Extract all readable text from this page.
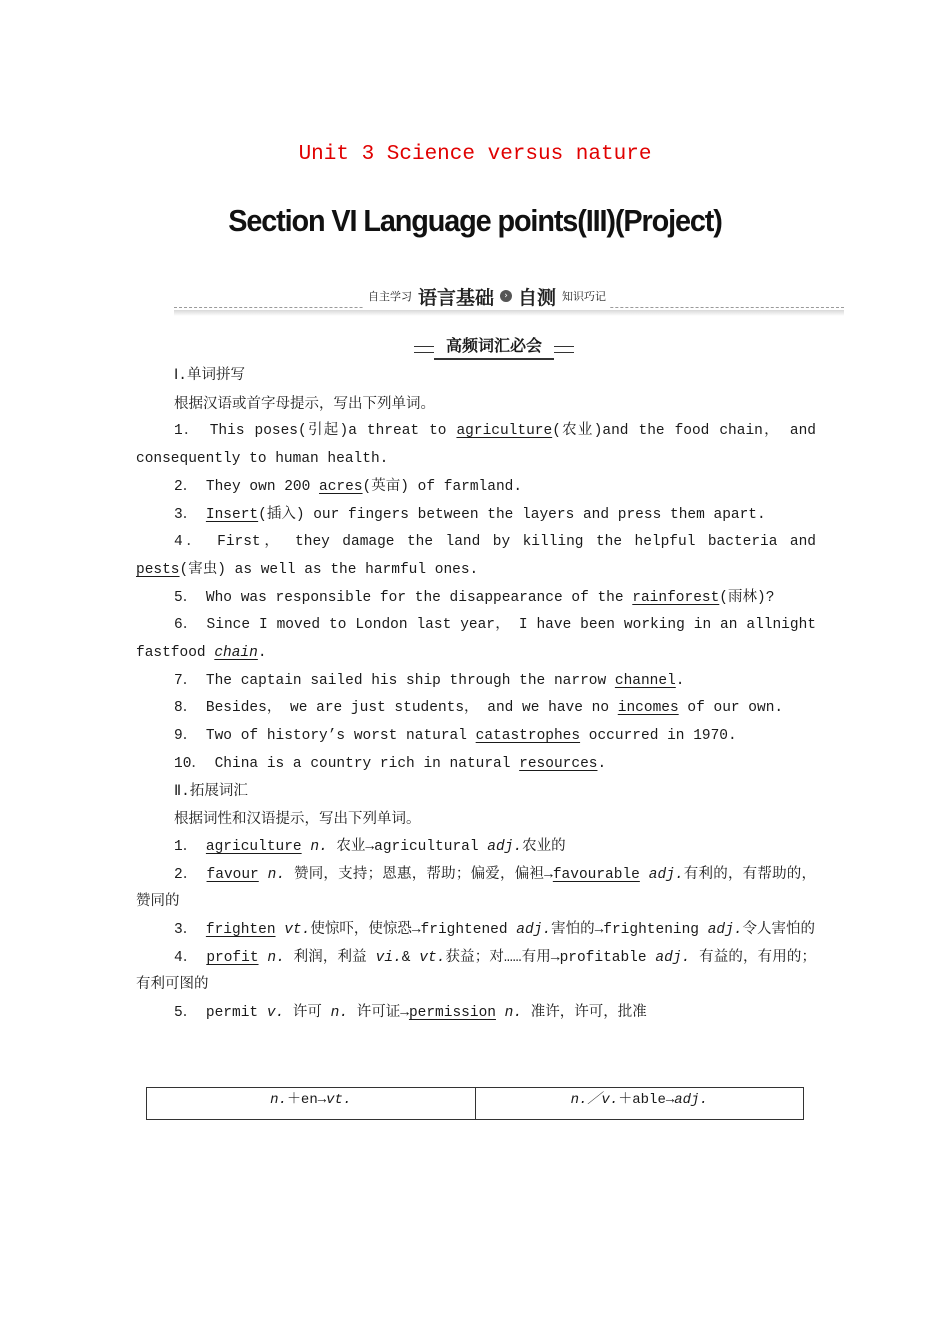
Unit 3 Science versus nature
Section VI Language points(III)(Project)
自主学习 语言基础	› 自测 知识巧记
高频词汇必会

Ⅰ.单词拼写

根据汉语或首字母提示，写出下列单词。

1． This poses(引起)a threat to agriculture(农业)and the food chain， and consequently to human health.

2． They own 200 acres(英亩) of farmland.

3． Insert(插入) our fingers between the layers and press them apart.

4． First， they damage the land by killing the helpful bacteria and pests(害虫) as well as the harmful ones.

5． Who was responsible for the disappearance of the rainforest(雨林)?

6． Since I moved to London last year， I have been working in an allnight fastfood chain.

7． The captain sailed his ship through the narrow channel.

8． Besides， we are just students， and we have no incomes of our own.

9． Two of history’s worst natural catastrophes occurred in 1970.

10． China is a country rich in natural resources.

Ⅱ.拓展词汇

根据词性和汉语提示，写出下列单词。

1． agriculture n. 农业→agricultural adj.农业的

2． favour n. 赞同，支持；恩惠，帮助；偏爱，偏袒→favourable adj.有利的，有帮助的，赞同的

3． frighten vt.使惊吓，使惊恐→frightened adj.害怕的→frightening adj.令人害怕的

4． profit n. 利润，利益 vi.& vt.获益；对……有用→profitable adj. 有益的，有用的；有利可图的

5． permit v. 许可 n. 许可证→permission n. 准许，许可，批准

n.＋en→vt.	n.／v.＋able→adj.
